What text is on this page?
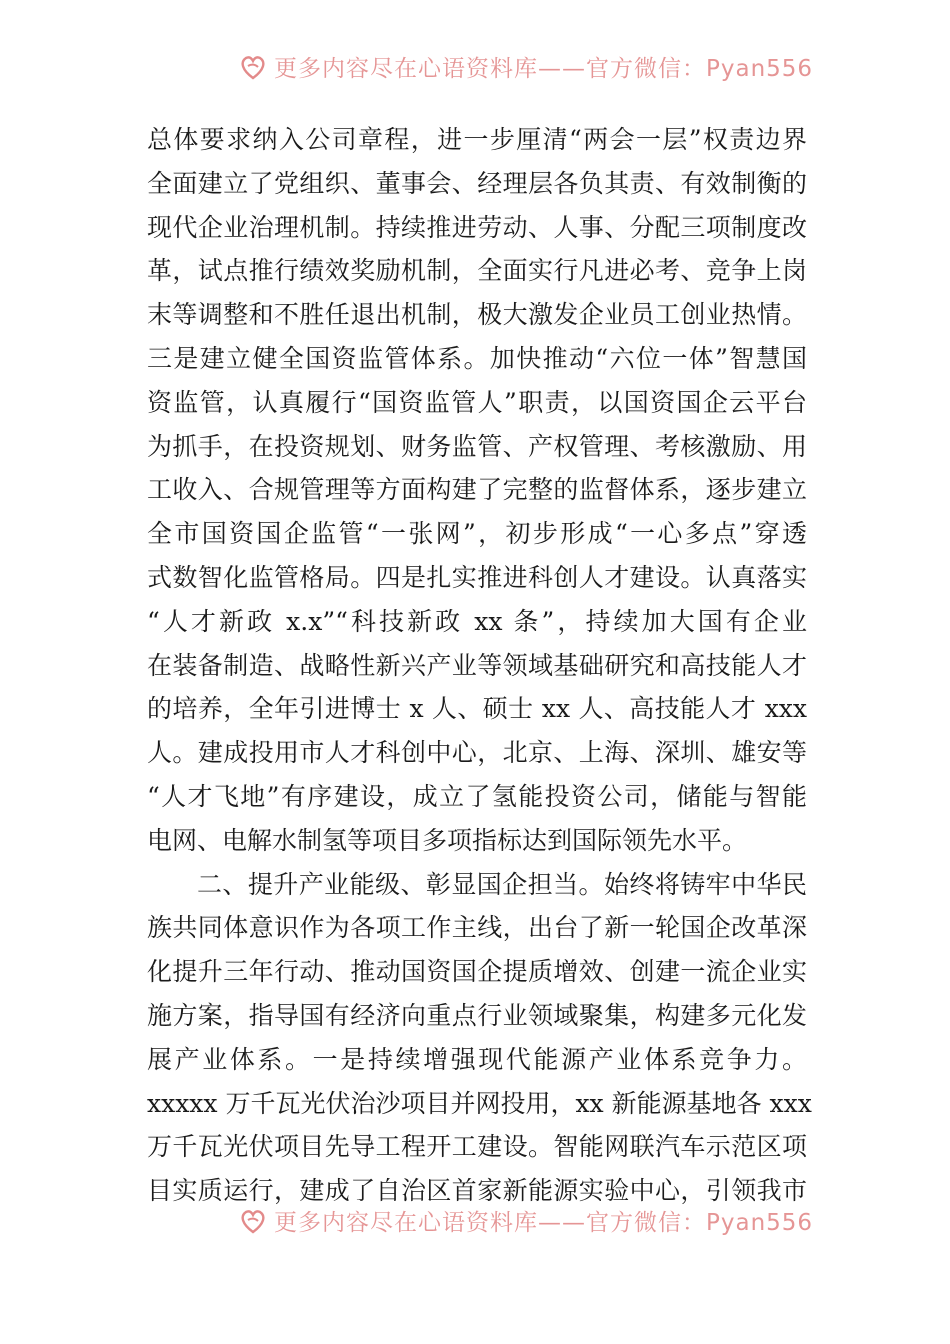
更多内容尽在心语资料库——官方微信：Pyan556
总体要求纳入公司章程，进一步厘清“两会一层”权责边界
全面建立了党组织、董事会、经理层各负其责、有效制衡的
现代企业治理机制。持续推进劳动、人事、分配三项制度改
革，试点推行绩效奖励机制，全面实行凡进必考、竞争上岗
末等调整和不胜任退出机制，极大激发企业员工创业热情。
三是建立健全国资监管体系。加快推动“六位一体”智慧国
资监管，认真履行“国资监管人”职责，以国资国企云平台
为抓手，在投资规划、财务监管、产权管理、考核激励、用
工收入、合规管理等方面构建了完整的监督体系，逐步建立
全市国资国企监管“一张网”，初步形成“一心多点”穿透
式数智化监管格局。四是扎实推进科创人才建设。认真落实
“人才新政 x.x”“科技新政 xx 条”，持续加大国有企业
在装备制造、战略性新兴产业等领域基础研究和高技能人才
的培养，全年引进博士 x 人、硕士 xx 人、高技能人才 xxx
人。建成投用市人才科创中心，北京、上海、深圳、雄安等
“人才飞地”有序建设，成立了氢能投资公司，储能与智能
电网、电解水制氢等项目多项指标达到国际领先水平。
二、提升产业能级、彰显国企担当。始终将铸牢中华民
族共同体意识作为各项工作主线，出台了新一轮国企改革深
化提升三年行动、推动国资国企提质增效、创建一流企业实
施方案，指导国有经济向重点行业领域聚集，构建多元化发
展产业体系。一是持续增强现代能源产业体系竞争力。
xxxxx 万千瓦光伏治沙项目并网投用，xx 新能源基地各 xxx
万千瓦光伏项目先导工程开工建设。智能网联汽车示范区项
目实质运行，建成了自治区首家新能源实验中心，引领我市
更多内容尽在心语资料库——官方微信：Pyan556
